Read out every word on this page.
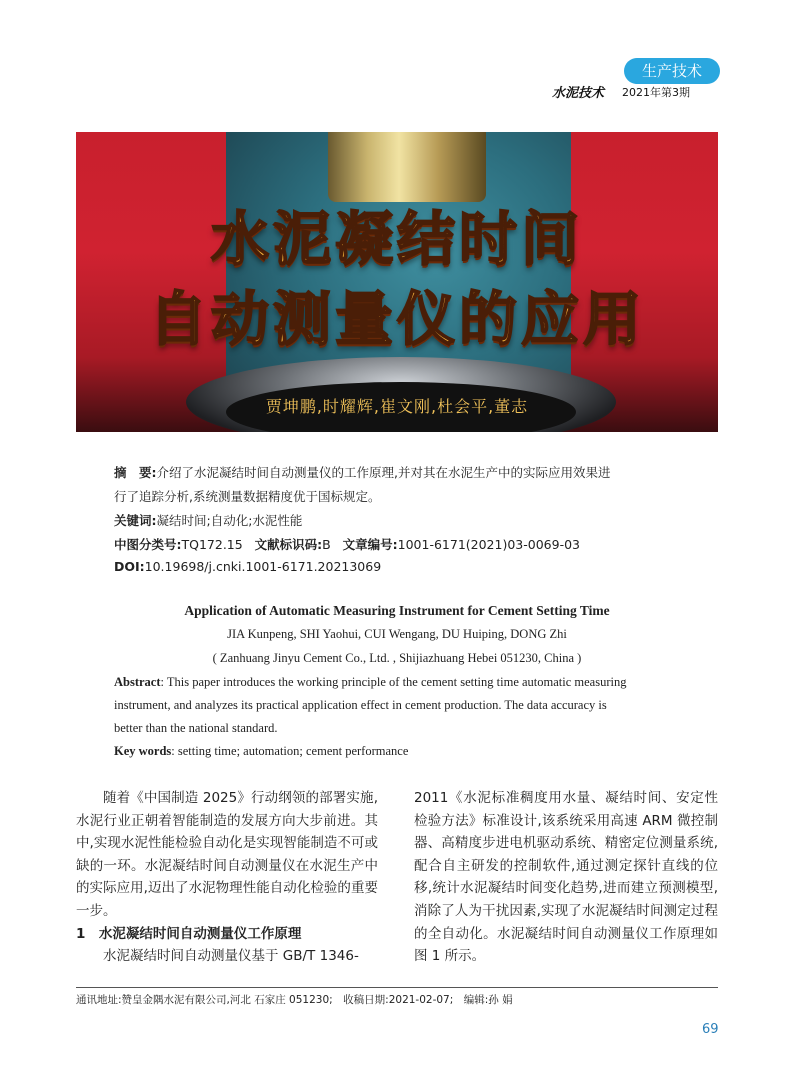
生产技术
水泥技术 2021年第3期
水泥凝结时间
自动测量仪的应用
贾坤鹏,时耀辉,崔文刚,杜会平,董志
摘　要:介绍了水泥凝结时间自动测量仪的工作原理,并对其在水泥生产中的实际应用效果进
行了追踪分析,系统测量数据精度优于国标规定。
关键词:凝结时间;自动化;水泥性能
中图分类号:TQ172.15 文献标识码:B 文章编号:1001-6171(2021)03-0069-03
DOI:10.19698/j.cnki.1001-6171.20213069
Application of Automatic Measuring Instrument for Cement Setting Time
JIA Kunpeng, SHI Yaohui, CUI Wengang, DU Huiping, DONG Zhi
( Zanhuang Jinyu Cement Co., Ltd. , Shijiazhuang Hebei 051230, China )
Abstract: This paper introduces the working principle of the cement setting time automatic measuring
instrument, and analyzes its practical application effect in cement production. The data accuracy is
better than the national standard.
Key words: setting time; automation; cement performance

随着《中国制造 2025》行动纲领的部署实施,水泥行业正朝着智能制造的发展方向大步前进。其中,实现水泥性能检验自动化是实现智能制造不可或缺的一环。水泥凝结时间自动测量仪在水泥生产中的实际应用,迈出了水泥物理性能自动化检验的重要一步。

1　水泥凝结时间自动测量仪工作原理

水泥凝结时间自动测量仪基于 GB/T 1346-

2011《水泥标准稠度用水量、凝结时间、安定性检验方法》标准设计,该系统采用高速 ARM 微控制器、高精度步进电机驱动系统、精密定位测量系统,配合自主研发的控制软件,通过测定探针直线的位移,统计水泥凝结时间变化趋势,进而建立预测模型,消除了人为干扰因素,实现了水泥凝结时间测定过程的全自动化。水泥凝结时间自动测量仪工作原理如图 1 所示。

通讯地址:赞皇金隅水泥有限公司,河北 石家庄 051230;　收稿日期:2021-02-07;　编辑:孙 娟
69
